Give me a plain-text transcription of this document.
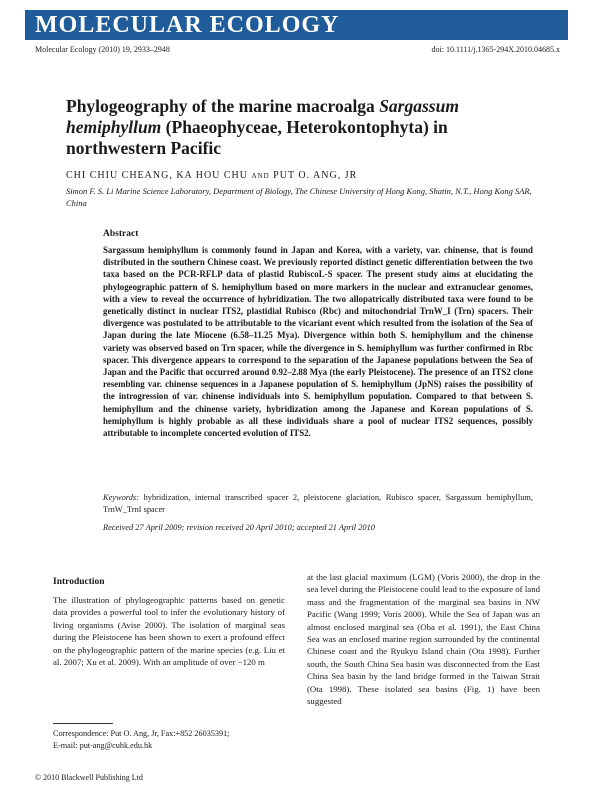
MOLECULAR ECOLOGY
Molecular Ecology (2010) 19, 2933–2948	doi: 10.1111/j.1365-294X.2010.04685.x
Phylogeography of the marine macroalga Sargassum hemiphyllum (Phaeophyceae, Heterokontophyta) in northwestern Pacific
CHI CHIU CHEANG, KA HOU CHU and PUT O. ANG, JR
Simon F. S. Li Marine Science Laboratory, Department of Biology, The Chinese University of Hong Kong, Shatin, N.T., Hong Kong SAR, China
Abstract
Sargassum hemiphyllum is commonly found in Japan and Korea, with a variety, var. chinense, that is found distributed in the southern Chinese coast. We previously reported distinct genetic differentiation between the two taxa based on the PCR-RFLP data of plastid RubiscoL-S spacer. The present study aims at elucidating the phylogeographic pattern of S. hemiphyllum based on more markers in the nuclear and extranuclear genomes, with a view to reveal the occurrence of hybridization. The two allopatrically distributed taxa were found to be genetically distinct in nuclear ITS2, plastidial Rubisco (Rbc) and mitochondrial TrnW_I (Trn) spacers. Their divergence was postulated to be attributable to the vicariant event which resulted from the isolation of the Sea of Japan during the late Miocene (6.58–11.25 Mya). Divergence within both S. hemiphyllum and the chinense variety was observed based on Trn spacer, while the divergence in S. hemiphyllum was further confirmed in Rbc spacer. This divergence appears to correspond to the separation of the Japanese populations between the Sea of Japan and the Pacific that occurred around 0.92–2.88 Mya (the early Pleistocene). The presence of an ITS2 clone resembling var. chinense sequences in a Japanese population of S. hemiphyllum (JpNS) raises the possibility of the introgression of var. chinense individuals into S. hemiphyllum population. Compared to that between S. hemiphyllum and the chinense variety, hybridization among the Japanese and Korean populations of S. hemiphyllum is highly probable as all these individuals share a pool of nuclear ITS2 sequences, possibly attributable to incomplete concerted evolution of ITS2.
Keywords: hybridization, internal transcribed spacer 2, pleistocene glaciation, Rubisco spacer, Sargassum hemiphyllum, TrnW_TrnI spacer
Received 27 April 2009; revision received 20 April 2010; accepted 21 April 2010
Introduction
The illustration of phylogeographic patterns based on genetic data provides a powerful tool to infer the evolutionary history of living organisms (Avise 2000). The isolation of marginal seas during the Pleistocene has been shown to exert a profound effect on the phylogeographic pattern of the marine species (e.g. Liu et al. 2007; Xu et al. 2009). With an amplitude of over −120 m
at the last glacial maximum (LGM) (Voris 2000), the drop in the sea level during the Pleistocene could lead to the exposure of land mass and the fragmentation of the marginal sea basins in NW Pacific (Wang 1999; Voris 2000). While the Sea of Japan was an almost enclosed marginal sea (Oba et al. 1991), the East China Sea was an enclosed marine region surrounded by the continental Chinese coast and the Ryukyu Island chain (Ota 1998). Further south, the South China Sea basin was disconnected from the East China Sea basin by the land bridge formed in the Taiwan Strait (Ota 1998). These isolated sea basins (Fig. 1) have been suggested
Correspondence: Put O. Ang, Jr, Fax:+852 26035391;
E-mail: put-ang@cuhk.edu.hk
© 2010 Blackwell Publishing Ltd
